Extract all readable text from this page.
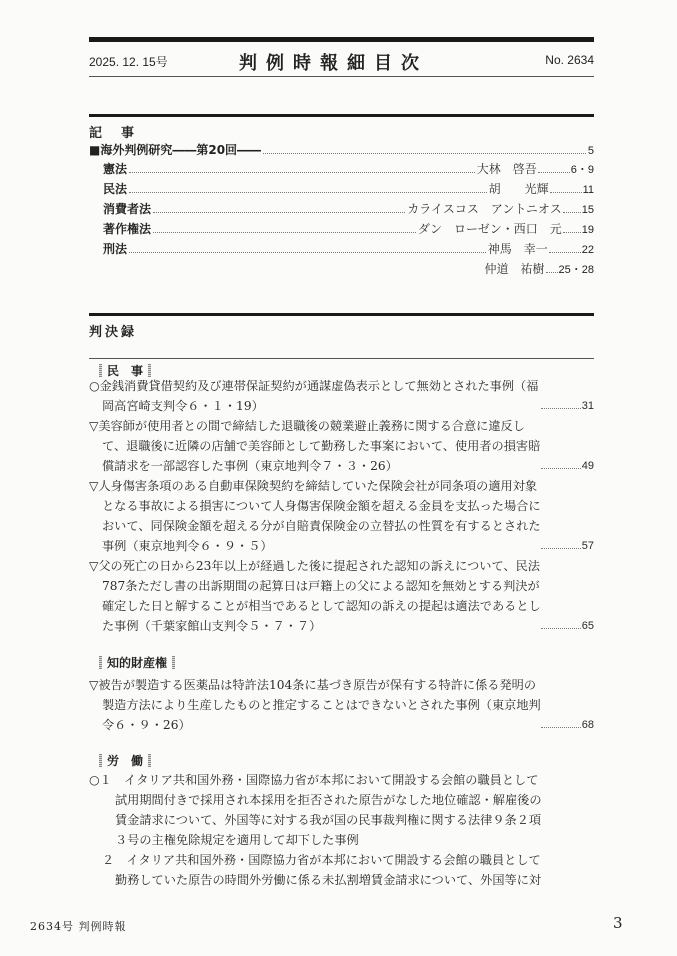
2025. 12. 15号	判例時報細目次	No. 2634
記　事
■海外判例研究――第20回――	5
憲法	大林　啓吾	6・9
民法	胡　　光輝	11
消費者法	カライスコス　アントニオス 15
著作権法	ダン　ローゼン・西口　元 19
刑法	神馬　幸一	22
仲道　祐樹 25・28
判決録
民　事
○金銭消費貸借契約及び連帯保証契約が通謀虚偽表示として無効とされた事例（福
岡高宮崎支判令６・１・19）	31
▽美容師が使用者との間で締結した退職後の競業避止義務に関する合意に違反し
て、退職後に近隣の店舗で美容師として勤務した事案において、使用者の損害賠
償請求を一部認容した事例（東京地判令７・３・26）	49
▽人身傷害条項のある自動車保険契約を締結していた保険会社が同条項の適用対象
となる事故による損害について人身傷害保険金額を超える金員を支払った場合に
おいて、同保険金額を超える分が自賠責保険金の立替払の性質を有するとされた
事例（東京地判令６・９・５）	57
▽父の死亡の日から23年以上が経過した後に提起された認知の訴えについて、民法
787条ただし書の出訴期間の起算日は戸籍上の父による認知を無効とする判決が
確定した日と解することが相当であるとして認知の訴えの提起は適法であるとし
た事例（千葉家館山支判令５・７・７）	65
知的財産権
▽被告が製造する医薬品は特許法104条に基づき原告が保有する特許に係る発明の
製造方法により生産したものと推定することはできないとされた事例（東京地判
令６・９・26）	68
労　働
○１　イタリア共和国外務・国際協力省が本邦において開設する会館の職員として
試用期間付きで採用され本採用を拒否された原告がなした地位確認・解雇後の
賃金請求について、外国等に対する我が国の民事裁判権に関する法律９条２項
３号の主権免除規定を適用して却下した事例
２　イタリア共和国外務・国際協力省が本邦において開設する会館の職員として
勤務していた原告の時間外労働に係る未払割増賃金請求について、外国等に対
2634号 判例時報	3
